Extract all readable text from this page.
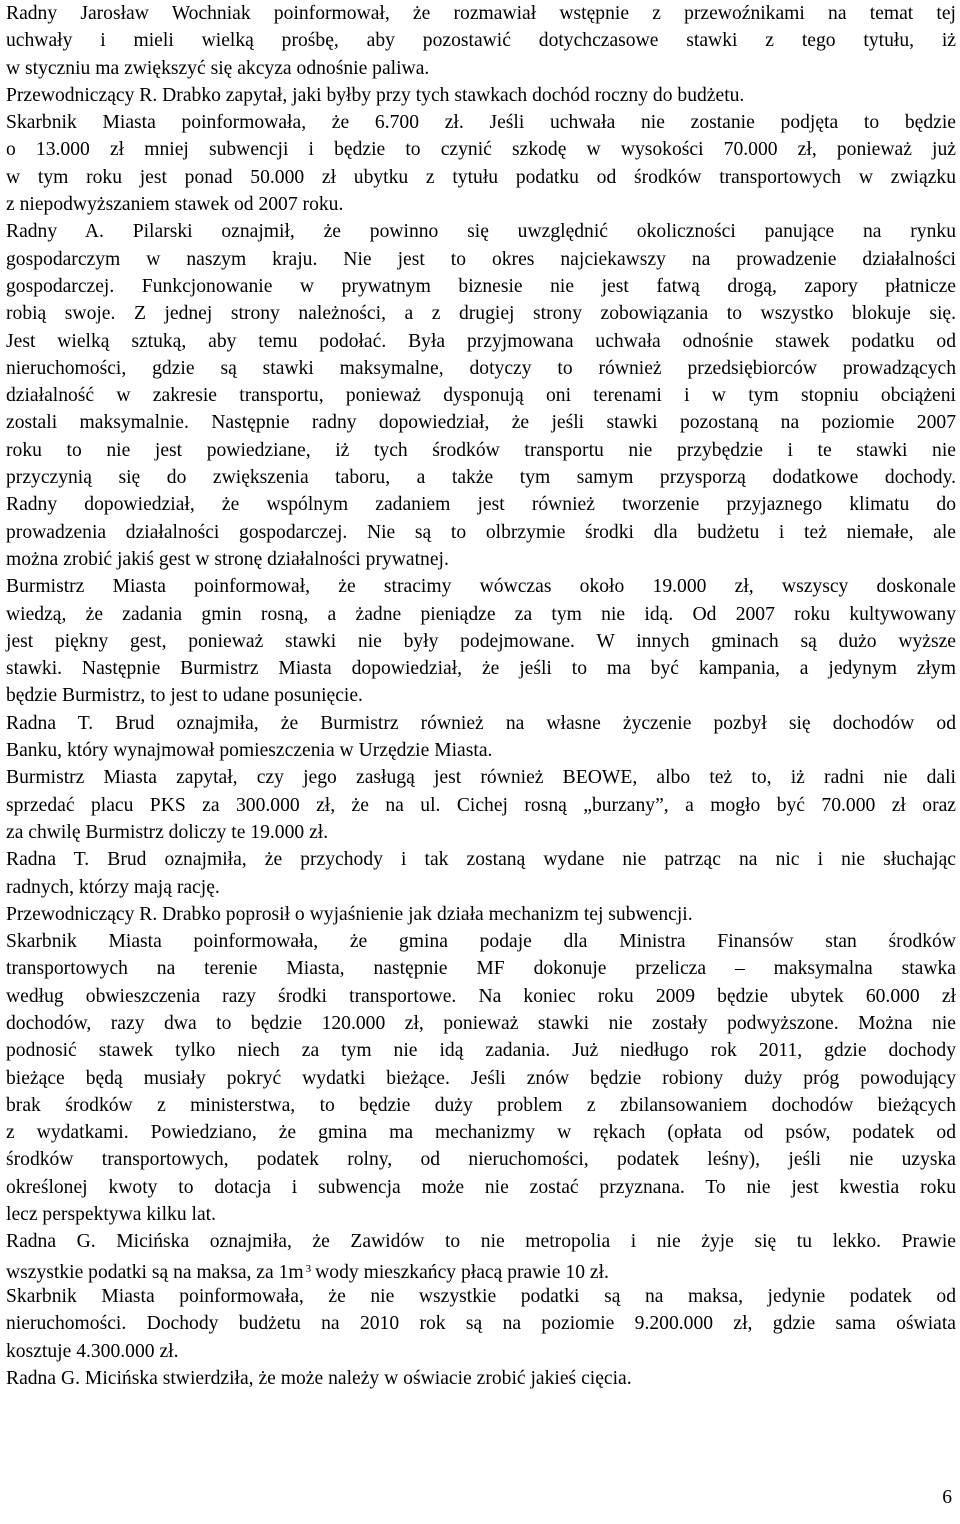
Radny Jarosław Wochniak poinformował, że rozmawiał wstępnie z przewoźnikami na temat tej
uchwały i mieli wielką prośbę, aby pozostawić dotychczasowe stawki z tego tytułu, iż
w styczniu ma zwiększyć się akcyza odnośnie paliwa.
Przewodniczący R. Drabko zapytał, jaki byłby przy tych stawkach dochód roczny do budżetu.
Skarbnik Miasta poinformowała, że 6.700 zł. Jeśli uchwała nie zostanie podjęta to będzie
o 13.000 zł mniej subwencji i będzie to czynić szkodę w wysokości 70.000 zł, ponieważ już
w tym roku jest ponad 50.000 zł ubytku z tytułu podatku od środków transportowych w związku
z niepodwyższaniem stawek od 2007 roku.
Radny A. Pilarski oznajmił, że powinno się uwzględnić okoliczności panujące na rynku
gospodarczym w naszym kraju. Nie jest to okres najciekawszy na prowadzenie działalności
gospodarczej. Funkcjonowanie w prywatnym biznesie nie jest fatwą drogą, zapory płatnicze
robią swoje. Z jednej strony należności, a z drugiej strony zobowiązania to wszystko blokuje się.
Jest wielką sztuką, aby temu podołać. Była przyjmowana uchwała odnośnie stawek podatku od
nieruchomości, gdzie są stawki maksymalne, dotyczy to również przedsiębiorców prowadzących
działalność w zakresie transportu, ponieważ dysponują oni terenami i w tym stopniu obciążeni
zostali maksymalnie. Następnie radny dopowiedział, że jeśli stawki pozostaną na poziomie 2007
roku to nie jest powiedziane, iż tych środków transportu nie przybędzie i te stawki nie
przyczynią się do zwiększenia taboru, a także tym samym przysporzą dodatkowe dochody.
Radny dopowiedział, że wspólnym zadaniem jest również tworzenie przyjaznego klimatu do
prowadzenia działalności gospodarczej. Nie są to olbrzymie środki dla budżetu i też niemałe, ale
można zrobić jakiś gest w stronę działalności prywatnej.
Burmistrz Miasta poinformował, że stracimy wówczas około 19.000 zł, wszyscy doskonale
wiedzą, że zadania gmin rosną, a żadne pieniądze za tym nie idą. Od 2007 roku kultywowany
jest piękny gest, ponieważ stawki nie były podejmowane. W innych gminach są dużo wyższe
stawki. Następnie Burmistrz Miasta dopowiedział, że jeśli to ma być kampania, a jedynym złym
będzie Burmistrz, to jest to udane posunięcie.
Radna T. Brud oznajmiła, że Burmistrz również na własne życzenie pozbył się dochodów od
Banku, który wynajmował pomieszczenia w Urzędzie Miasta.
Burmistrz Miasta zapytał, czy jego zasługą jest również BEOWE, albo też to, iż radni nie dali
sprzedać placu PKS za 300.000 zł, że na ul. Cichej rosną „burzany”, a mogło być 70.000 zł oraz
za chwilę Burmistrz doliczy te 19.000 zł.
Radna T. Brud oznajmiła, że przychody i tak zostaną wydane nie patrząc na nic i nie słuchając
radnych, którzy mają rację.
Przewodniczący R. Drabko poprosił o wyjaśnienie jak działa mechanizm tej subwencji.
Skarbnik Miasta poinformowała, że gmina podaje dla Ministra Finansów stan środków
transportowych na terenie Miasta, następnie MF dokonuje przelicza – maksymalna stawka
według obwieszczenia razy środki transportowe. Na koniec roku 2009 będzie ubytek 60.000 zł
dochodów, razy dwa to będzie 120.000 zł, ponieważ stawki nie zostały podwyższone. Można nie
podnosić stawek tylko niech za tym nie idą zadania. Już niedługo rok 2011, gdzie dochody
bieżące będą musiały pokryć wydatki bieżące. Jeśli znów będzie robiony duży próg powodujący
brak środków z ministerstwa, to będzie duży problem z zbilansowaniem dochodów bieżących
z wydatkami. Powiedziano, że gmina ma mechanizmy w rękach (opłata od psów, podatek od
środków transportowych, podatek rolny, od nieruchomości, podatek leśny), jeśli nie uzyska
określonej kwoty to dotacja i subwencja może nie zostać przyznana. To nie jest kwestia roku
lecz perspektywa kilku lat.
Radna G. Micińska oznajmiła, że Zawidów to nie metropolia i nie żyje się tu lekko. Prawie
wszystkie podatki są na maksa, za 1m $^3$ wody mieszkańcy płacą prawie 10 zł.
Skarbnik Miasta poinformowała, że nie wszystkie podatki są na maksa, jedynie podatek od
nieruchomości. Dochody budżetu na 2010 rok są na poziomie 9.200.000 zł, gdzie sama oświata
kosztuje 4.300.000 zł.
Radna G. Micińska stwierdziła, że może należy w oświacie zrobić jakieś cięcia.
6
